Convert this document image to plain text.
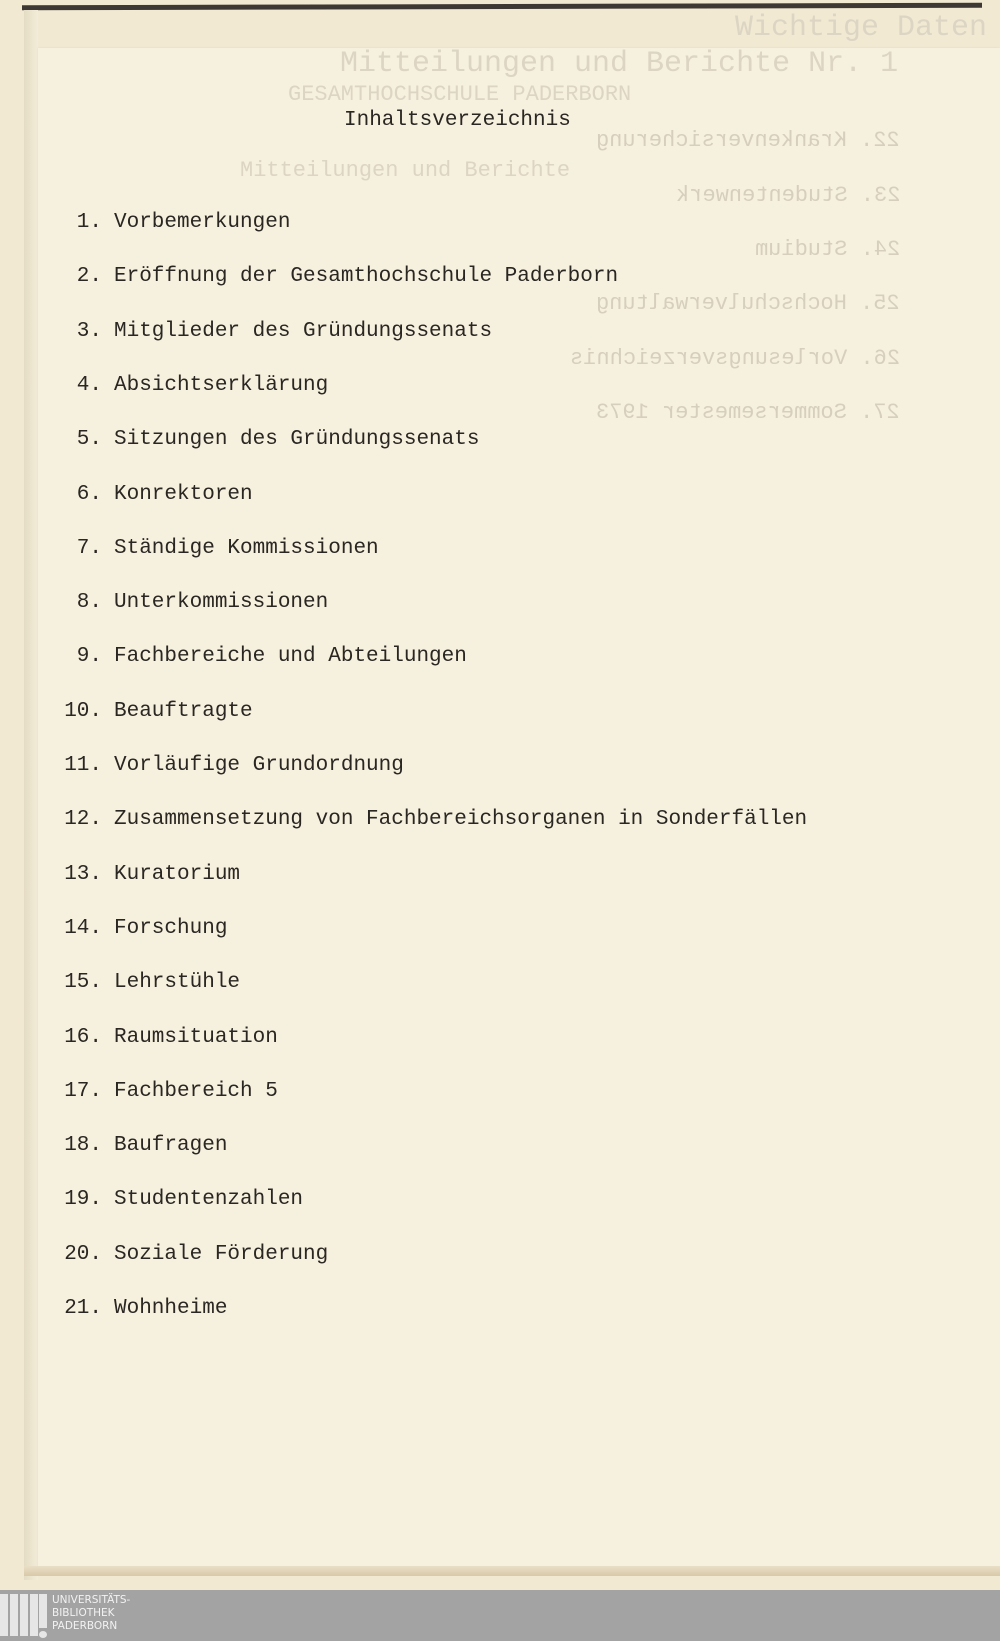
Wichtige Daten
Mitteilungen und Berichte Nr. 1
GESAMTHOCHSCHULE PADERBORN
Mitteilungen und Berichte
22. Krankenversicherung
23. Studentenwerk
24. Studium
25. Hochschulverwaltung
26. Vorlesungsverzeichnis
27. Sommersemester 1973
Inhaltsverzeichnis
1. Vorbemerkungen
2. Eröffnung der Gesamthochschule Paderborn
3. Mitglieder des Gründungssenats
4. Absichtserklärung
5. Sitzungen des Gründungssenats
6. Konrektoren
7. Ständige Kommissionen
8. Unterkommissionen
9. Fachbereiche und Abteilungen
10. Beauftragte
11. Vorläufige Grundordnung
12. Zusammensetzung von Fachbereichsorganen in Sonderfällen
13. Kuratorium
14. Forschung
15. Lehrstühle
16. Raumsituation
17. Fachbereich 5
18. Baufragen
19. Studentenzahlen
20. Soziale Förderung
21. Wohnheime
UNIVERSITÄTS-
BIBLIOTHEK
PADERBORN
